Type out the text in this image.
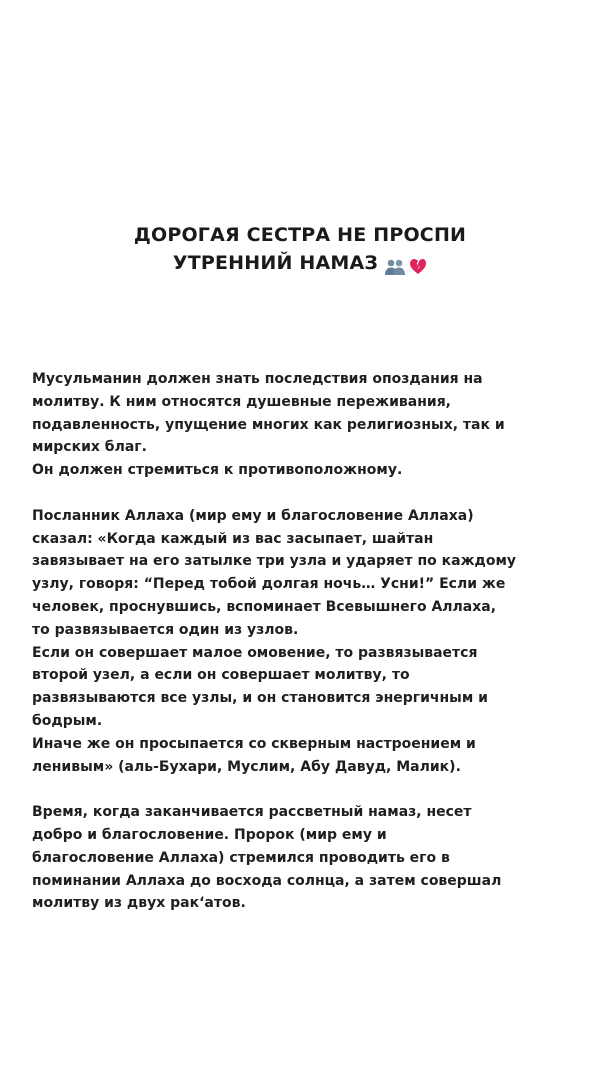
ДОРОГАЯ СЕСТРА НЕ ПРОСПИ
УТРЕННИЙ НАМАЗ

Мусульманин должен знать последствия опоздания на
молитву. К ним относятся душевные переживания,
подавленность, упущение многих как религиозных, так и
мирских благ.
Он должен стремиться к противоположному.

Посланник Аллаха (мир ему и благословение Аллаха)
сказал: «Когда каждый из вас засыпает, шайтан
завязывает на его затылке три узла и ударяет по каждому
узлу, говоря: “Перед тобой долгая ночь… Усни!” Если же
человек, проснувшись, вспоминает Всевышнего Аллаха,
то развязывается один из узлов.
Если он совершает малое омовение, то развязывается
второй узел, а если он совершает молитву, то
развязываются все узлы, и он становится энергичным и
бодрым.
Иначе же он просыпается со скверным настроением и
ленивым» (аль-Бухари, Муслим, Абу Давуд, Малик).

Время, когда заканчивается рассветный намаз, несет
добро и благословение. Пророк (мир ему и
благословение Аллаха) стремился проводить его в
поминании Аллаха до восхода солнца, а затем совершал
молитву из двух рак‘атов.
